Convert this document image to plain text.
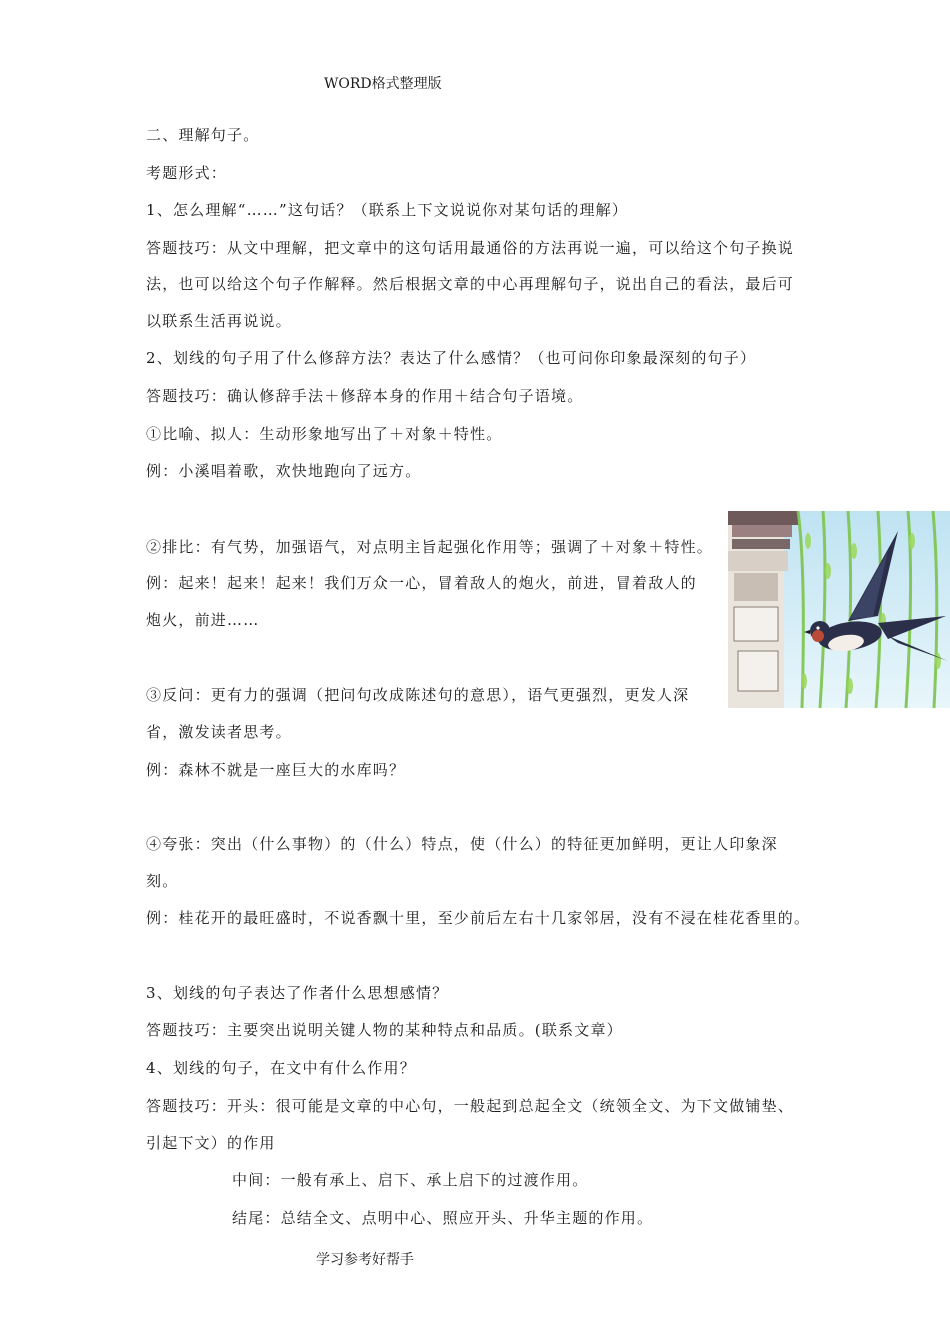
WORD格式整理版
二、理解句子。
考题形式：
1、怎么理解“……”这句话？（联系上下文说说你对某句话的理解）
答题技巧：从文中理解，把文章中的这句话用最通俗的方法再说一遍，可以给这个句子换说
法，也可以给这个句子作解释。然后根据文章的中心再理解句子，说出自己的看法，最后可
以联系生活再说说。
2、划线的句子用了什么修辞方法？表达了什么感情？（也可问你印象最深刻的句子）
答题技巧：确认修辞手法＋修辞本身的作用＋结合句子语境。
①比喻、拟人：生动形象地写出了＋对象＋特性。
例：小溪唱着歌，欢快地跑向了远方。
②排比：有气势，加强语气，对点明主旨起强化作用等；强调了＋对象＋特性。
例：起来！起来！起来！我们万众一心，冒着敌人的炮火，前进，冒着敌人的
炮火，前进……
③反问：更有力的强调（把问句改成陈述句的意思），语气更强烈，更发人深
省，激发读者思考。
例：森林不就是一座巨大的水库吗？
④夸张：突出（什么事物）的（什么）特点，使（什么）的特征更加鲜明，更让人印象深
刻。
例：桂花开的最旺盛时，不说香飘十里，至少前后左右十几家邻居，没有不浸在桂花香里的。
3、划线的句子表达了作者什么思想感情？
答题技巧：主要突出说明关键人物的某种特点和品质。(联系文章）
4、划线的句子，在文中有什么作用？
答题技巧：开头：很可能是文章的中心句，一般起到总起全文（统领全文、为下文做铺垫、
引起下文）的作用
中间：一般有承上、启下、承上启下的过渡作用。
结尾：总结全文、点明中心、照应开头、升华主题的作用。
学习参考好帮手
